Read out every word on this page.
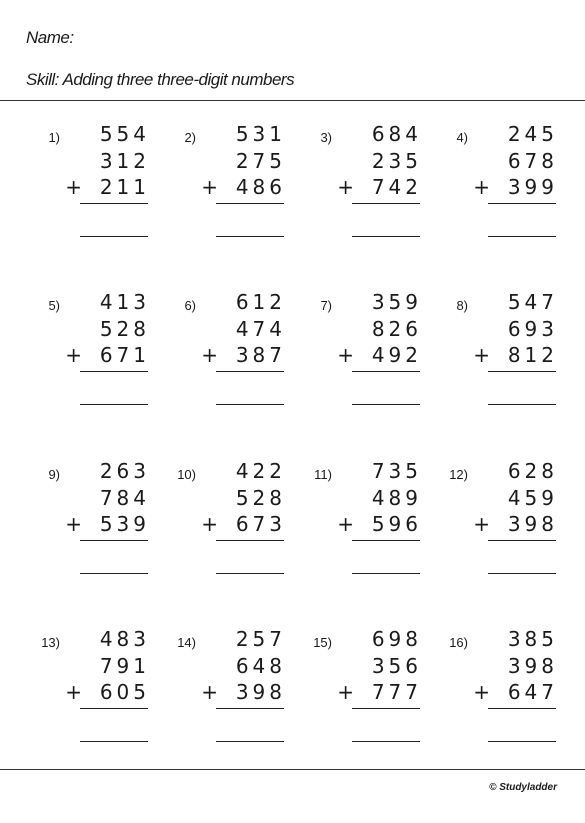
Name:
Skill: Adding three three-digit numbers
1) 554
312
211
+
2) 531
275
486
+
3) 684
235
742
+
4) 245
678
399
+
5) 413
528
671
+
6) 612
474
387
+
7) 359
826
492
+
8) 547
693
812
+
9) 263
784
539
+
10) 422
528
673
+
11) 735
489
596
+
12) 628
459
398
+
13) 483
791
605
+
14) 257
648
398
+
15) 698
356
777
+
16) 385
398
647
+
© Studyladder
